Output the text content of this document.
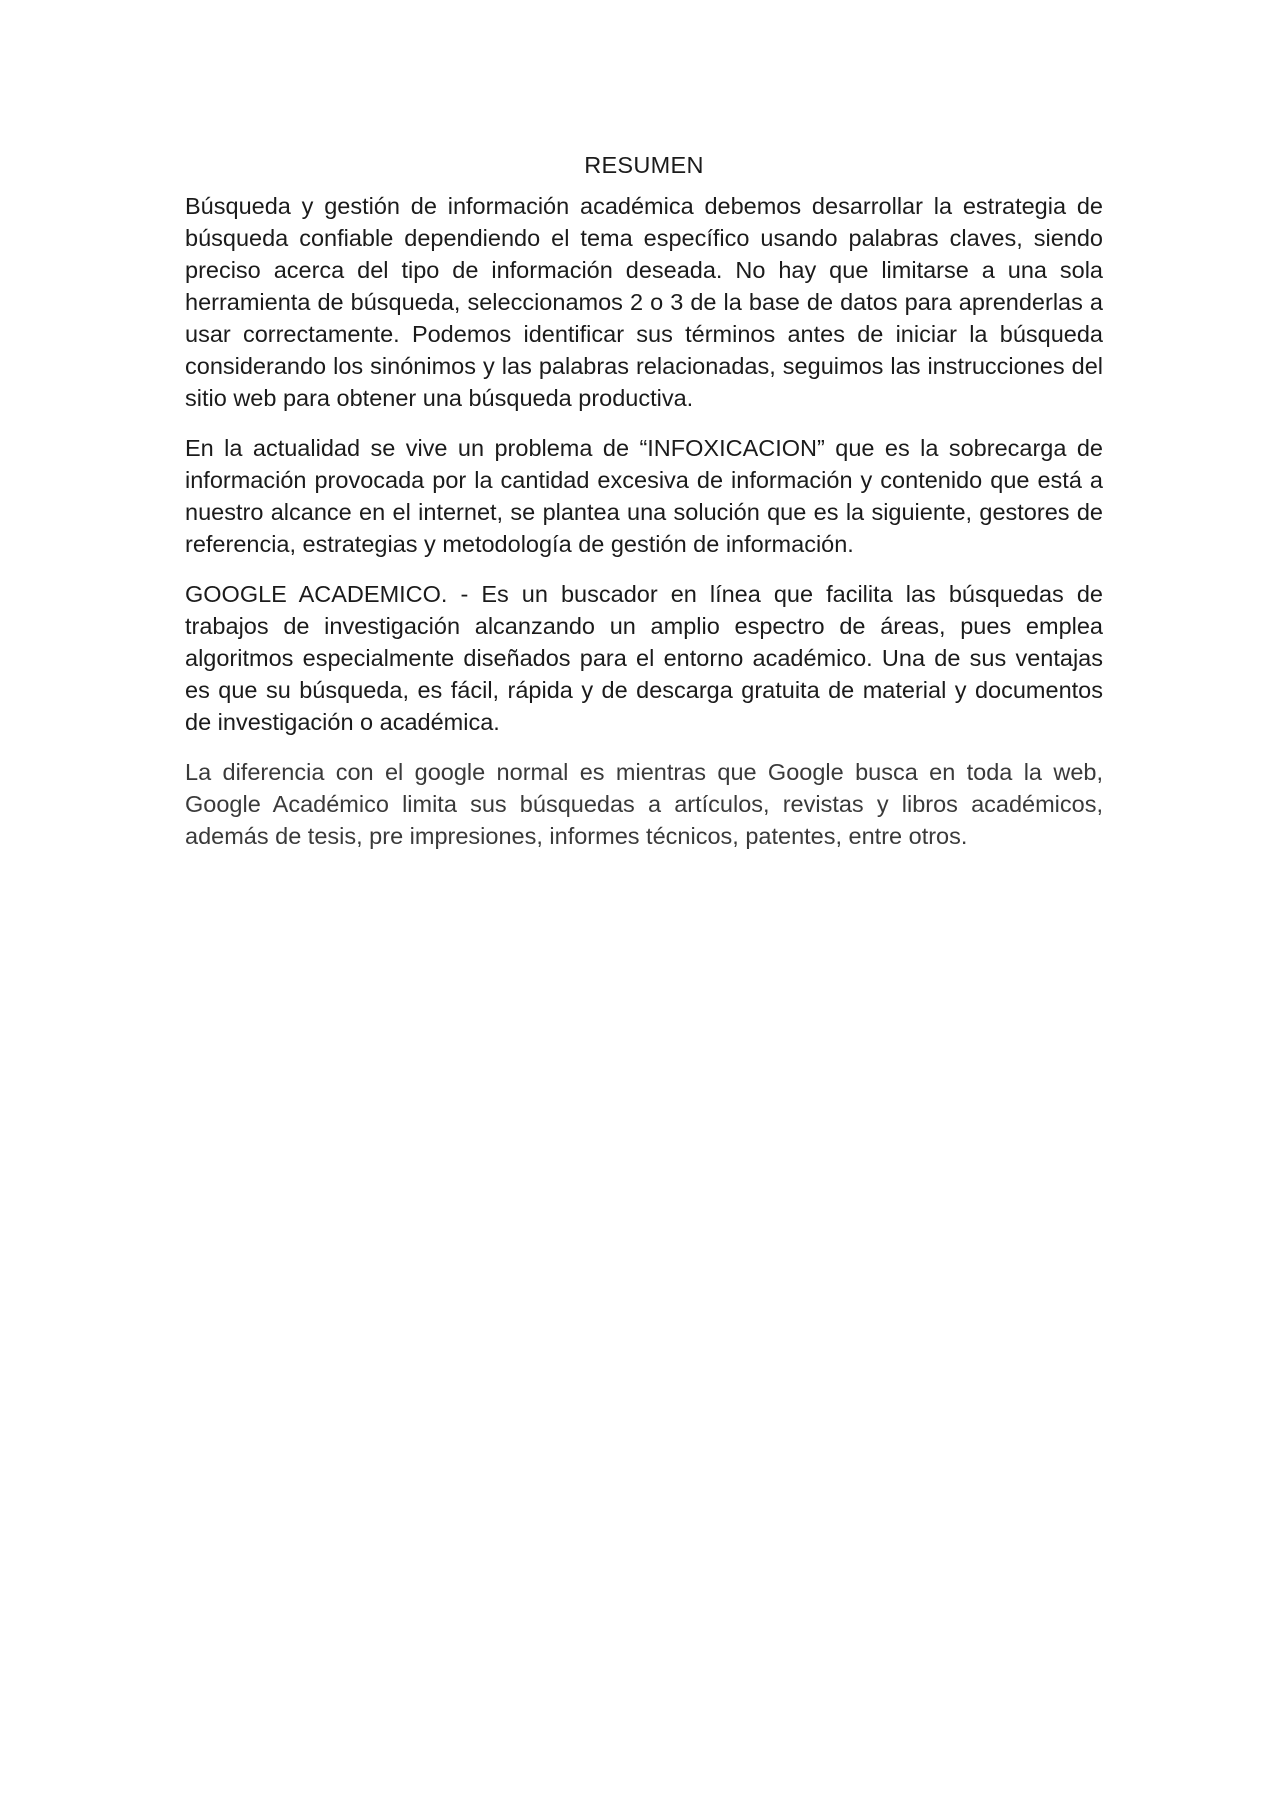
RESUMEN

Búsqueda y gestión de información académica debemos desarrollar la estrategia de búsqueda confiable dependiendo el tema específico usando palabras claves, siendo preciso acerca del tipo de información deseada. No hay que limitarse a una sola herramienta de búsqueda, seleccionamos 2 o 3 de la base de datos para aprenderlas a usar correctamente. Podemos identificar sus términos antes de iniciar la búsqueda considerando los sinónimos y las palabras relacionadas, seguimos las instrucciones del sitio web para obtener una búsqueda productiva.

En la actualidad se vive un problema de “INFOXICACION” que es la sobrecarga de información provocada por la cantidad excesiva de información y contenido que está a nuestro alcance en el internet, se plantea una solución que es la siguiente, gestores de referencia, estrategias y metodología de gestión de información.

GOOGLE ACADEMICO. - Es un buscador en línea que facilita las búsquedas de trabajos de investigación alcanzando un amplio espectro de áreas, pues emplea algoritmos especialmente diseñados para el entorno académico. Una de sus ventajas es que su búsqueda, es fácil, rápida y de descarga gratuita de material y documentos de investigación o académica.

La diferencia con el google normal es mientras que Google busca en toda la web, Google Académico limita sus búsquedas a artículos, revistas y libros académicos, además de tesis, pre impresiones, informes técnicos, patentes, entre otros.
